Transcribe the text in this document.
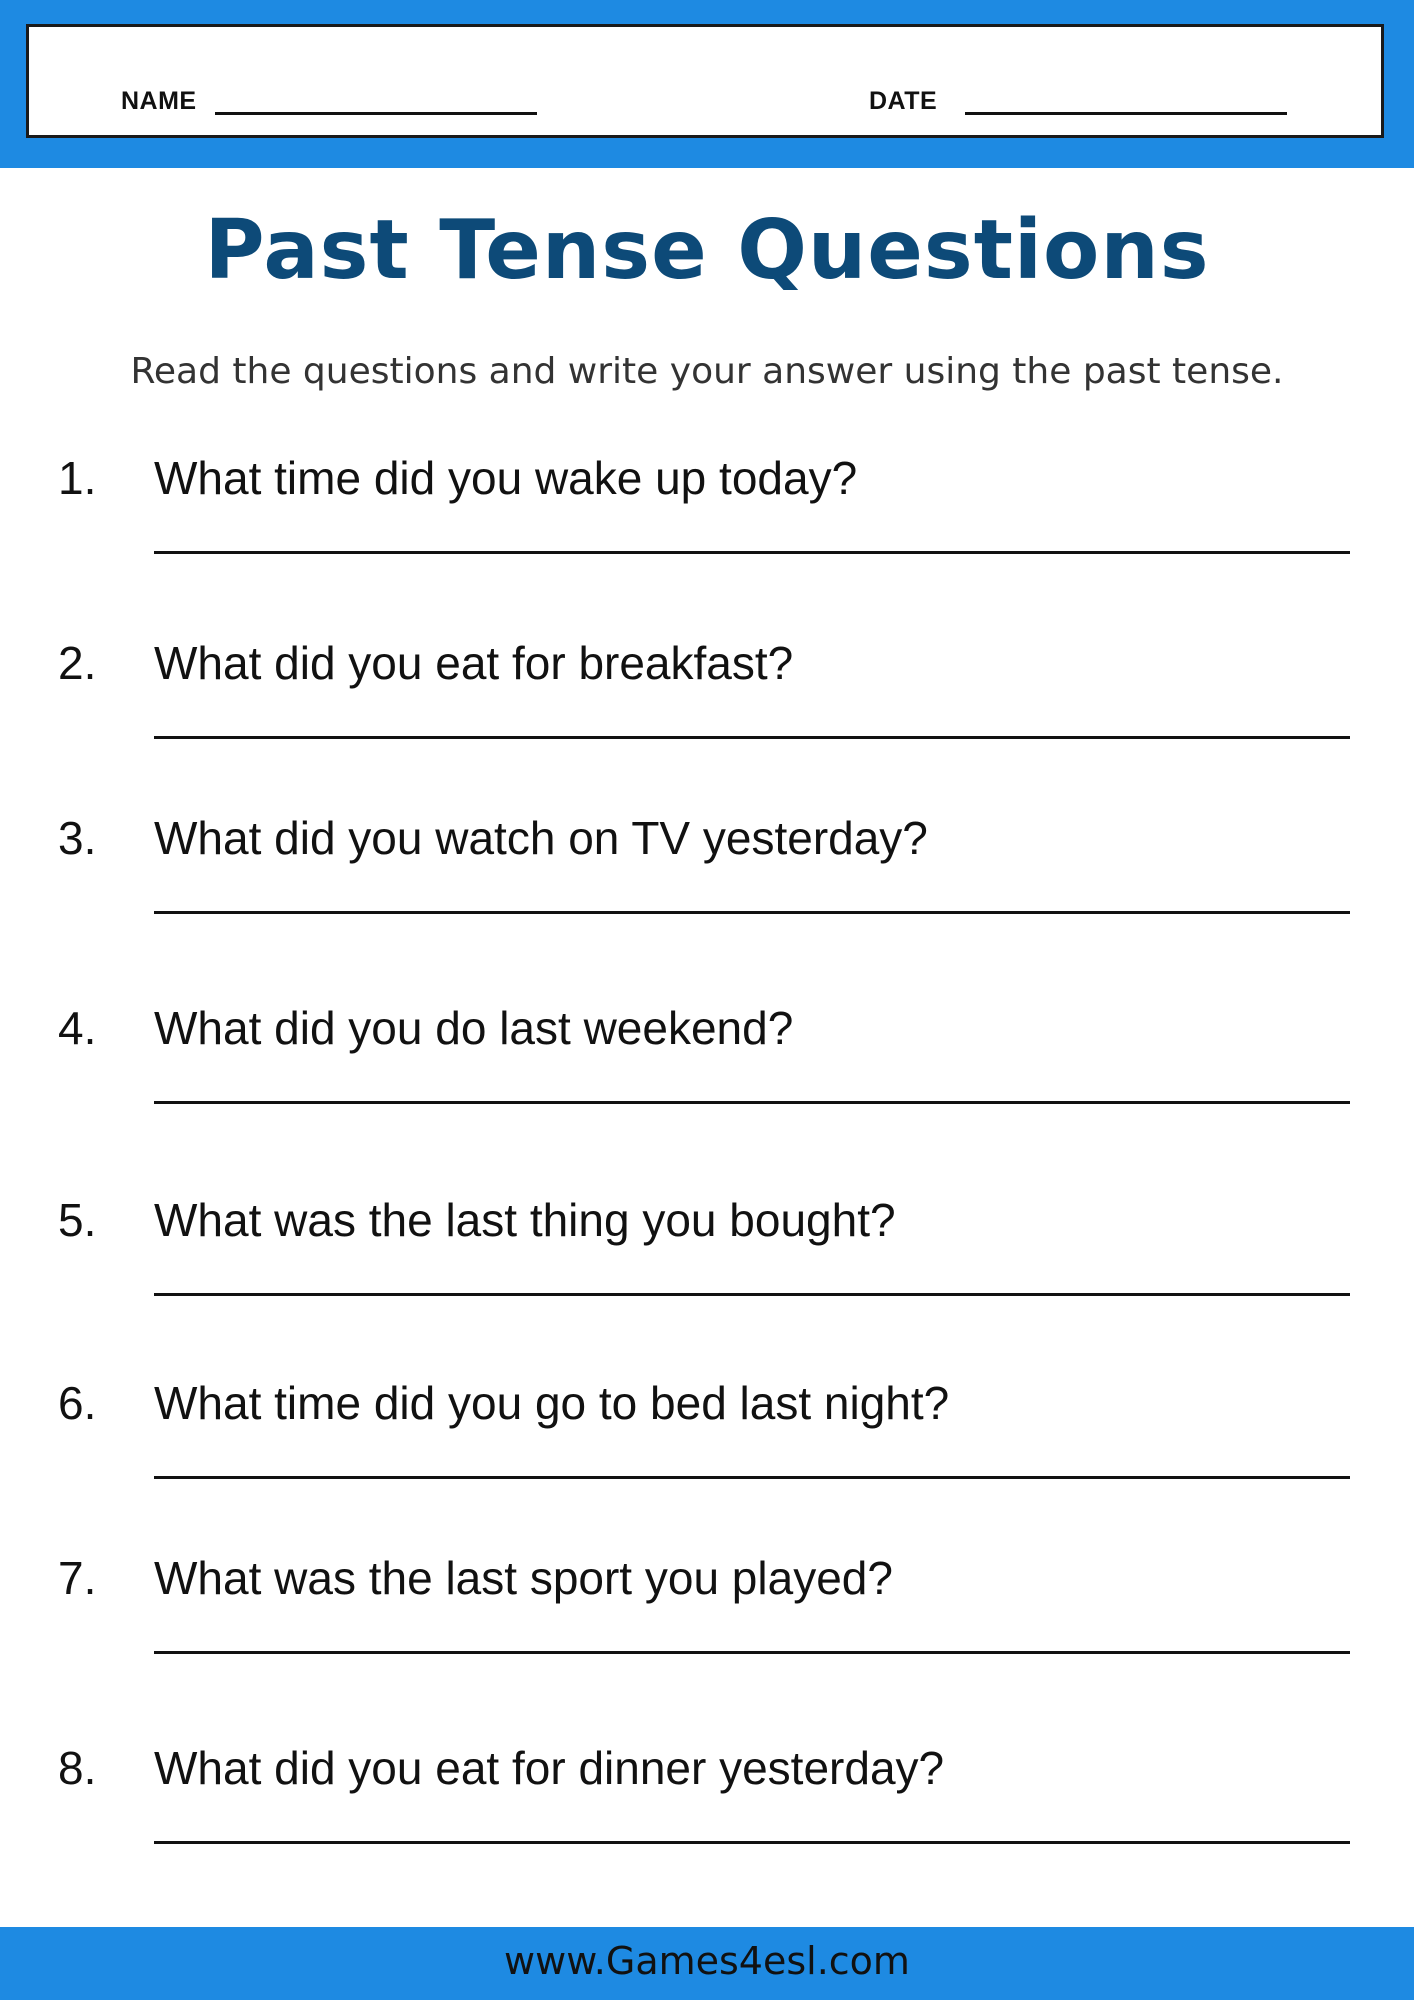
NAME	DATE
Past Tense Questions
Read the questions and write your answer using the past tense.
1. What time did you wake up today?
2. What did you eat for breakfast?
3. What did you watch on TV yesterday?
4. What did you do last weekend?
5. What was the last thing you bought?
6. What time did you go to bed last night?
7. What was the last sport you played?
8. What did you eat for dinner yesterday?
www.Games4esl.com
